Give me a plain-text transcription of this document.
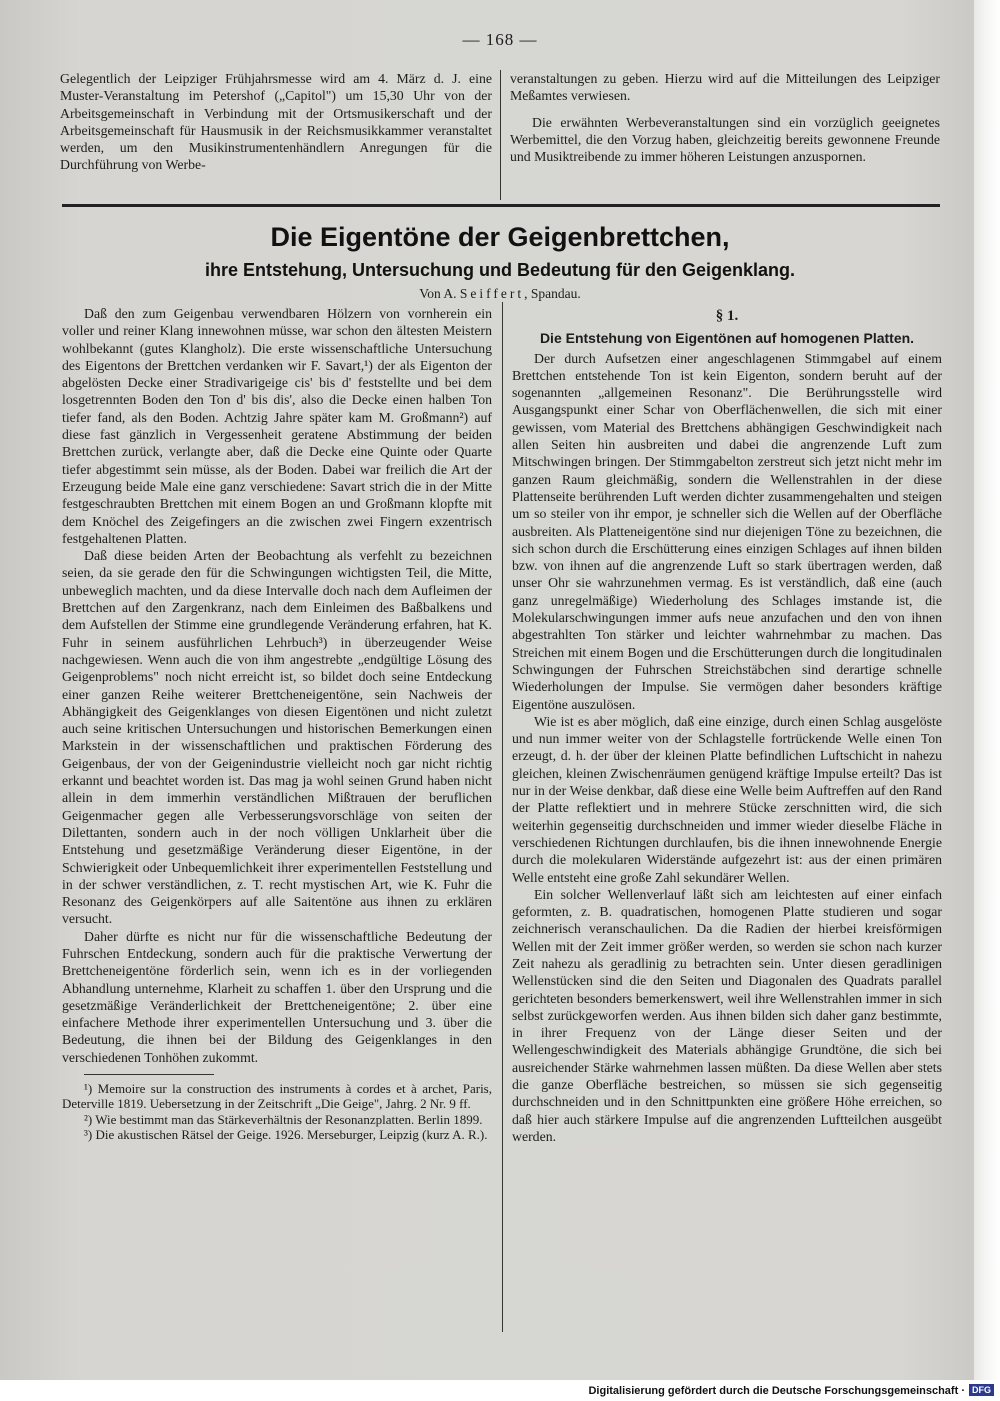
— 168 —

Gelegentlich der Leipziger Frühjahrsmesse wird am 4. März d. J. eine Muster-Veranstaltung im Petershof („Capitol") um 15,30 Uhr von der Arbeitsgemeinschaft in Verbindung mit der Ortsmusikerschaft und der Arbeitsgemeinschaft für Hausmusik in der Reichsmusikkammer veranstaltet werden, um den Musikinstrumentenhändlern Anregungen für die Durchführung von Werbe-

veranstaltungen zu geben. Hierzu wird auf die Mitteilungen des Leipziger Meßamtes verwiesen.

Die erwähnten Werbeveranstaltungen sind ein vorzüglich geeignetes Werbemittel, die den Vorzug haben, gleichzeitig bereits gewonnene Freunde und Musiktreibende zu immer höheren Leistungen anzuspornen.

Die Eigentöne der Geigenbrettchen,
ihre Entstehung, Untersuchung und Bedeutung für den Geigenklang.
Von A. Seiffert, Spandau.

Daß den zum Geigenbau verwendbaren Hölzern von vornherein ein voller und reiner Klang innewohnen müsse, war schon den ältesten Meistern wohlbekannt (gutes Klangholz). Die erste wissenschaftliche Untersuchung des Eigentons der Brettchen verdanken wir F. Savart,¹) der als Eigenton der abgelösten Decke einer Stradivarigeige cis' bis d' feststellte und bei dem losgetrennten Boden den Ton d' bis dis', also die Decke einen halben Ton tiefer fand, als den Boden. Achtzig Jahre später kam M. Großmann²) auf diese fast gänzlich in Vergessenheit geratene Abstimmung der beiden Brettchen zurück, verlangte aber, daß die Decke eine Quinte oder Quarte tiefer abgestimmt sein müsse, als der Boden. Dabei war freilich die Art der Erzeugung beide Male eine ganz verschiedene: Savart strich die in der Mitte festgeschraubten Brettchen mit einem Bogen an und Großmann klopfte mit dem Knöchel des Zeigefingers an die zwischen zwei Fingern exzentrisch festgehaltenen Platten.

Daß diese beiden Arten der Beobachtung als verfehlt zu bezeichnen seien, da sie gerade den für die Schwingungen wichtigsten Teil, die Mitte, unbeweglich machten, und da diese Intervalle doch nach dem Aufleimen der Brettchen auf den Zargenkranz, nach dem Einleimen des Baßbalkens und dem Aufstellen der Stimme eine grundlegende Veränderung erfahren, hat K. Fuhr in seinem ausführlichen Lehrbuch³) in überzeugender Weise nachgewiesen. Wenn auch die von ihm angestrebte „endgültige Lösung des Geigenproblems" noch nicht erreicht ist, so bildet doch seine Entdeckung einer ganzen Reihe weiterer Brettcheneigentöne, sein Nachweis der Abhängigkeit des Geigenklanges von diesen Eigentönen und nicht zuletzt auch seine kritischen Untersuchungen und historischen Bemerkungen einen Markstein in der wissenschaftlichen und praktischen Förderung des Geigenbaus, der von der Geigenindustrie vielleicht noch gar nicht richtig erkannt und beachtet worden ist. Das mag ja wohl seinen Grund haben nicht allein in dem immerhin verständlichen Mißtrauen der beruflichen Geigenmacher gegen alle Verbesserungsvorschläge von seiten der Dilettanten, sondern auch in der noch völligen Unklarheit über die Entstehung und gesetzmäßige Veränderung dieser Eigentöne, in der Schwierigkeit oder Unbequemlichkeit ihrer experimentellen Feststellung und in der schwer verständlichen, z. T. recht mystischen Art, wie K. Fuhr die Resonanz des Geigenkörpers auf alle Saitentöne aus ihnen zu erklären versucht.

Daher dürfte es nicht nur für die wissenschaftliche Bedeutung der Fuhrschen Entdeckung, sondern auch für die praktische Verwertung der Brettcheneigentöne förderlich sein, wenn ich es in der vorliegenden Abhandlung unternehme, Klarheit zu schaffen 1. über den Ursprung und die gesetzmäßige Veränderlichkeit der Brettcheneigentöne; 2. über eine einfachere Methode ihrer experimentellen Untersuchung und 3. über die Bedeutung, die ihnen bei der Bildung des Geigenklanges in den verschiedenen Tonhöhen zukommt.

¹) Memoire sur la construction des instruments à cordes et à archet, Paris, Deterville 1819. Uebersetzung in der Zeitschrift „Die Geige", Jahrg. 2 Nr. 9 ff.

²) Wie bestimmt man das Stärkeverhältnis der Resonanzplatten. Berlin 1899.

³) Die akustischen Rätsel der Geige. 1926. Merseburger, Leipzig (kurz A. R.).

§ 1.
Die Entstehung von Eigentönen auf homogenen Platten.

Der durch Aufsetzen einer angeschlagenen Stimmgabel auf einem Brettchen entstehende Ton ist kein Eigenton, sondern beruht auf der sogenannten „allgemeinen Resonanz". Die Berührungsstelle wird Ausgangspunkt einer Schar von Oberflächenwellen, die sich mit einer gewissen, vom Material des Brettchens abhängigen Geschwindigkeit nach allen Seiten hin ausbreiten und dabei die angrenzende Luft zum Mitschwingen bringen. Der Stimmgabelton zerstreut sich jetzt nicht mehr im ganzen Raum gleichmäßig, sondern die Wellenstrahlen in der diese Plattenseite berührenden Luft werden dichter zusammengehalten und steigen um so steiler von ihr empor, je schneller sich die Wellen auf der Oberfläche ausbreiten. Als Platteneigentöne sind nur diejenigen Töne zu bezeichnen, die sich schon durch die Erschütterung eines einzigen Schlages auf ihnen bilden bzw. von ihnen auf die angrenzende Luft so stark übertragen werden, daß unser Ohr sie wahrzunehmen vermag. Es ist verständlich, daß eine (auch ganz unregelmäßige) Wiederholung des Schlages imstande ist, die Molekularschwingungen immer aufs neue anzufachen und den von ihnen abgestrahlten Ton stärker und leichter wahrnehmbar zu machen. Das Streichen mit einem Bogen und die Erschütterungen durch die longitudinalen Schwingungen der Fuhrschen Streichstäbchen sind derartige schnelle Wiederholungen der Impulse. Sie vermögen daher besonders kräftige Eigentöne auszulösen.

Wie ist es aber möglich, daß eine einzige, durch einen Schlag ausgelöste und nun immer weiter von der Schlagstelle fortrückende Welle einen Ton erzeugt, d. h. der über der kleinen Platte befindlichen Luftschicht in nahezu gleichen, kleinen Zwischenräumen genügend kräftige Impulse erteilt? Das ist nur in der Weise denkbar, daß diese eine Welle beim Auftreffen auf den Rand der Platte reflektiert und in mehrere Stücke zerschnitten wird, die sich weiterhin gegenseitig durchschneiden und immer wieder dieselbe Fläche in verschiedenen Richtungen durchlaufen, bis die ihnen innewohnende Energie durch die molekularen Widerstände aufgezehrt ist: aus der einen primären Welle entsteht eine große Zahl sekundärer Wellen.

Ein solcher Wellenverlauf läßt sich am leichtesten auf einer einfach geformten, z. B. quadratischen, homogenen Platte studieren und sogar zeichnerisch veranschaulichen. Da die Radien der hierbei kreisförmigen Wellen mit der Zeit immer größer werden, so werden sie schon nach kurzer Zeit nahezu als geradlinig zu betrachten sein. Unter diesen geradlinigen Wellenstücken sind die den Seiten und Diagonalen des Quadrats parallel gerichteten besonders bemerkenswert, weil ihre Wellenstrahlen immer in sich selbst zurückgeworfen werden. Aus ihnen bilden sich daher ganz bestimmte, in ihrer Frequenz von der Länge dieser Seiten und der Wellengeschwindigkeit des Materials abhängige Grundtöne, die sich bei ausreichender Stärke wahrnehmen lassen müßten. Da diese Wellen aber stets die ganze Oberfläche bestreichen, so müssen sie sich gegenseitig durchschneiden und in den Schnittpunkten eine größere Höhe erreichen, so daß hier auch stärkere Impulse auf die angrenzenden Luftteilchen ausgeübt werden.

Digitalisierung gefördert durch die Deutsche Forschungsgemeinschaft · DFG
